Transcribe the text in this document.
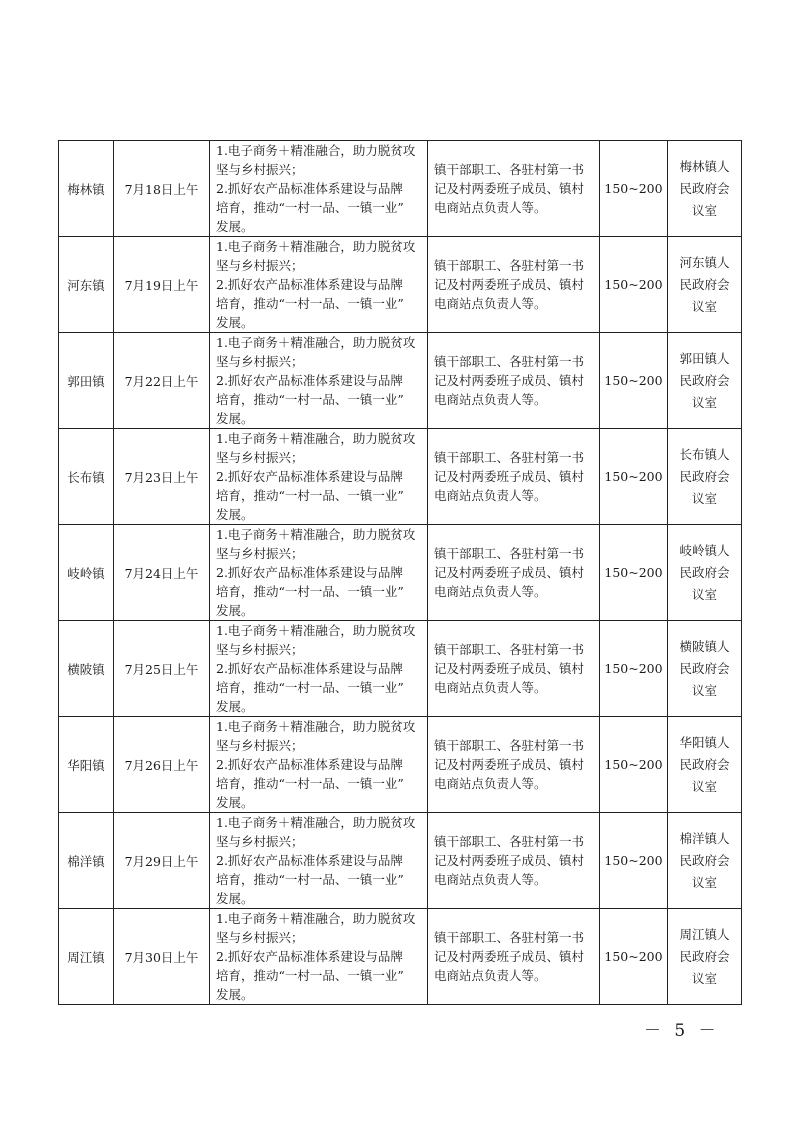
梅林镇	7月18日上午	1.电子商务＋精准融合，助力脱贫攻
坚与乡村振兴；
2.抓好农产品标准体系建设与品牌
培育，推动“一村一品、一镇一业”
发展。	镇干部职工、各驻村第一书
记及村两委班子成员、镇村
电商站点负责人等。	150~200	梅林镇人
民政府会
议室

河东镇	7月19日上午	1.电子商务＋精准融合，助力脱贫攻
坚与乡村振兴；
2.抓好农产品标准体系建设与品牌
培育，推动“一村一品、一镇一业”
发展。	镇干部职工、各驻村第一书
记及村两委班子成员、镇村
电商站点负责人等。	150~200	河东镇人
民政府会
议室

郭田镇	7月22日上午	1.电子商务＋精准融合，助力脱贫攻
坚与乡村振兴；
2.抓好农产品标准体系建设与品牌
培育，推动“一村一品、一镇一业”
发展。	镇干部职工、各驻村第一书
记及村两委班子成员、镇村
电商站点负责人等。	150~200	郭田镇人
民政府会
议室

长布镇	7月23日上午	1.电子商务＋精准融合，助力脱贫攻
坚与乡村振兴；
2.抓好农产品标准体系建设与品牌
培育，推动“一村一品、一镇一业”
发展。	镇干部职工、各驻村第一书
记及村两委班子成员、镇村
电商站点负责人等。	150~200	长布镇人
民政府会
议室

岐岭镇	7月24日上午	1.电子商务＋精准融合，助力脱贫攻
坚与乡村振兴；
2.抓好农产品标准体系建设与品牌
培育，推动“一村一品、一镇一业”
发展。	镇干部职工、各驻村第一书
记及村两委班子成员、镇村
电商站点负责人等。	150~200	岐岭镇人
民政府会
议室

横陂镇	7月25日上午	1.电子商务＋精准融合，助力脱贫攻
坚与乡村振兴；
2.抓好农产品标准体系建设与品牌
培育，推动“一村一品、一镇一业”
发展。	镇干部职工、各驻村第一书
记及村两委班子成员、镇村
电商站点负责人等。	150~200	横陂镇人
民政府会
议室

华阳镇	7月26日上午	1.电子商务＋精准融合，助力脱贫攻
坚与乡村振兴；
2.抓好农产品标准体系建设与品牌
培育，推动“一村一品、一镇一业”
发展。	镇干部职工、各驻村第一书
记及村两委班子成员、镇村
电商站点负责人等。	150~200	华阳镇人
民政府会
议室

棉洋镇	7月29日上午	1.电子商务＋精准融合，助力脱贫攻
坚与乡村振兴；
2.抓好农产品标准体系建设与品牌
培育，推动“一村一品、一镇一业”
发展。	镇干部职工、各驻村第一书
记及村两委班子成员、镇村
电商站点负责人等。	150~200	棉洋镇人
民政府会
议室

周江镇	7月30日上午	1.电子商务＋精准融合，助力脱贫攻
坚与乡村振兴；
2.抓好农产品标准体系建设与品牌
培育，推动“一村一品、一镇一业”
发展。	镇干部职工、各驻村第一书
记及村两委班子成员、镇村
电商站点负责人等。	150~200	周江镇人
民政府会
议室
－ 5 －
